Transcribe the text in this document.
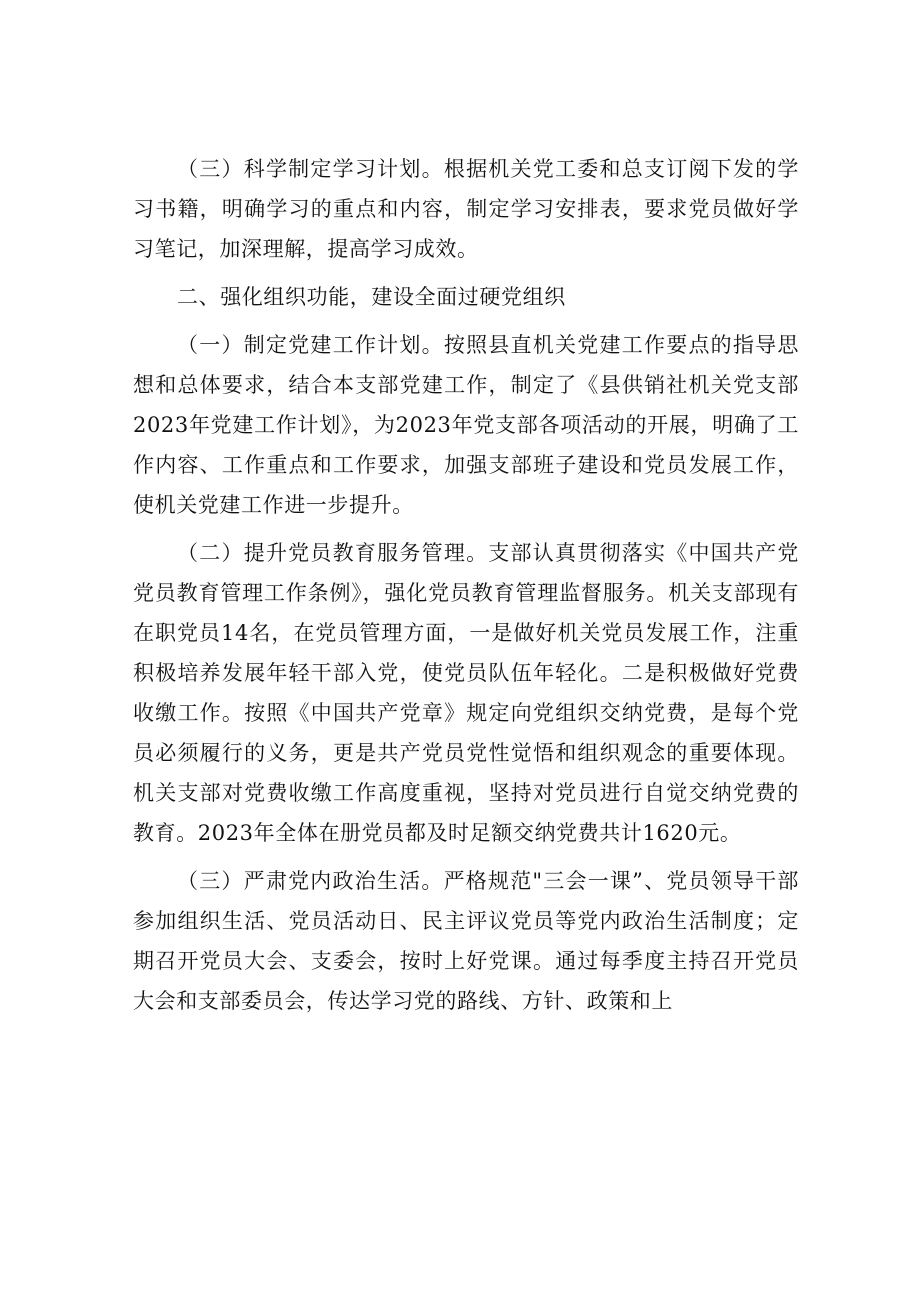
（三）科学制定学习计划。根据机关党工委和总支订阅下发的学习书籍，明确学习的重点和内容，制定学习安排表，要求党员做好学习笔记，加深理解，提高学习成效。

二、强化组织功能，建设全面过硬党组织

（一）制定党建工作计划。按照县直机关党建工作要点的指导思想和总体要求，结合本支部党建工作，制定了《县供销社机关党支部2023年党建工作计划》，为2023年党支部各项活动的开展，明确了工作内容、工作重点和工作要求，加强支部班子建设和党员发展工作，使机关党建工作进一步提升。

（二）提升党员教育服务管理。支部认真贯彻落实《中国共产党党员教育管理工作条例》，强化党员教育管理监督服务。机关支部现有在职党员14名，在党员管理方面，一是做好机关党员发展工作，注重积极培养发展年轻干部入党，使党员队伍年轻化。二是积极做好党费收缴工作。按照《中国共产党章》规定向党组织交纳党费，是每个党员必须履行的义务，更是共产党员党性觉悟和组织观念的重要体现。机关支部对党费收缴工作高度重视，坚持对党员进行自觉交纳党费的教育。2023年全体在册党员都及时足额交纳党费共计1620元。

（三）严肃党内政治生活。严格规范"三会一课”、党员领导干部参加组织生活、党员活动日、民主评议党员等党内政治生活制度；定期召开党员大会、支委会，按时上好党课。通过每季度主持召开党员大会和支部委员会，传达学习党的路线、方针、政策和上
